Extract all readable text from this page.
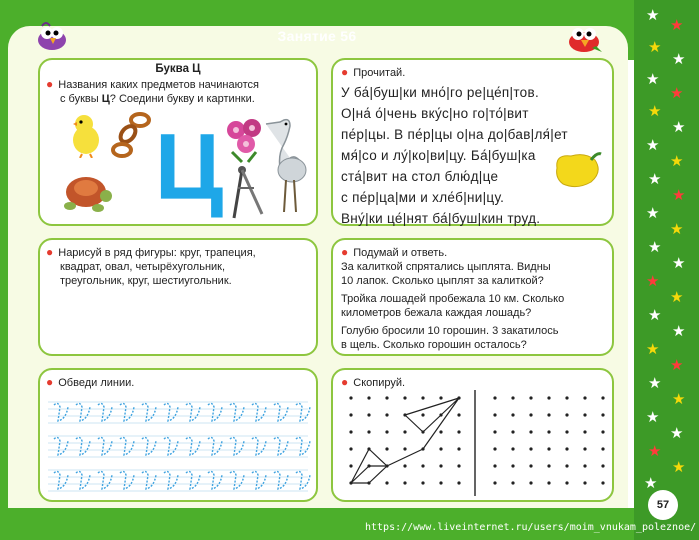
★
★
★
★
★
★
★
★
★
★
★
★
★
★
★
★
★
★
★
★
★
★
★
★
★
★
★
★
★
Занятие 56
Буква Ц
● Названия каких предметов начинаются
с буквы Ц? Соедини букву и картинки.
Ц
● Прочитай.
У ба́|буш|ки мно́|го ре|це́п|тов.
О|на́ о́|чень вку́с|но го|то́|вит
пе́р|цы. В пе́р|цы о|на до|бав|ля́|ет
мя́|со и лу́|ко|ви|цу. Ба́|буш|ка
ста́|вит на стол блю́д|це
с пе́р|ца|ми и хле́б|ни|цу.
Вну́|ки це́|нят ба́|буш|кин труд.
● Нарисуй в ряд фигуры: круг, трапеция,
квадрат, овал, четырёхугольник,
треугольник, круг, шестиугольник.
● Подумай и ответь.
За калиткой спрятались цыплята. Видны
10 лапок. Сколько цыплят за калиткой?
Тройка лошадей пробежала 10 км. Сколько
километров бежала каждая лошадь?
Голубю бросили 10 горошин. 3 закатилось
в щель. Сколько горошин осталось?
● Обведи линии.	● Скопируй.
57
https://www.liveinternet.ru/users/moim_vnukam_poleznoe/
